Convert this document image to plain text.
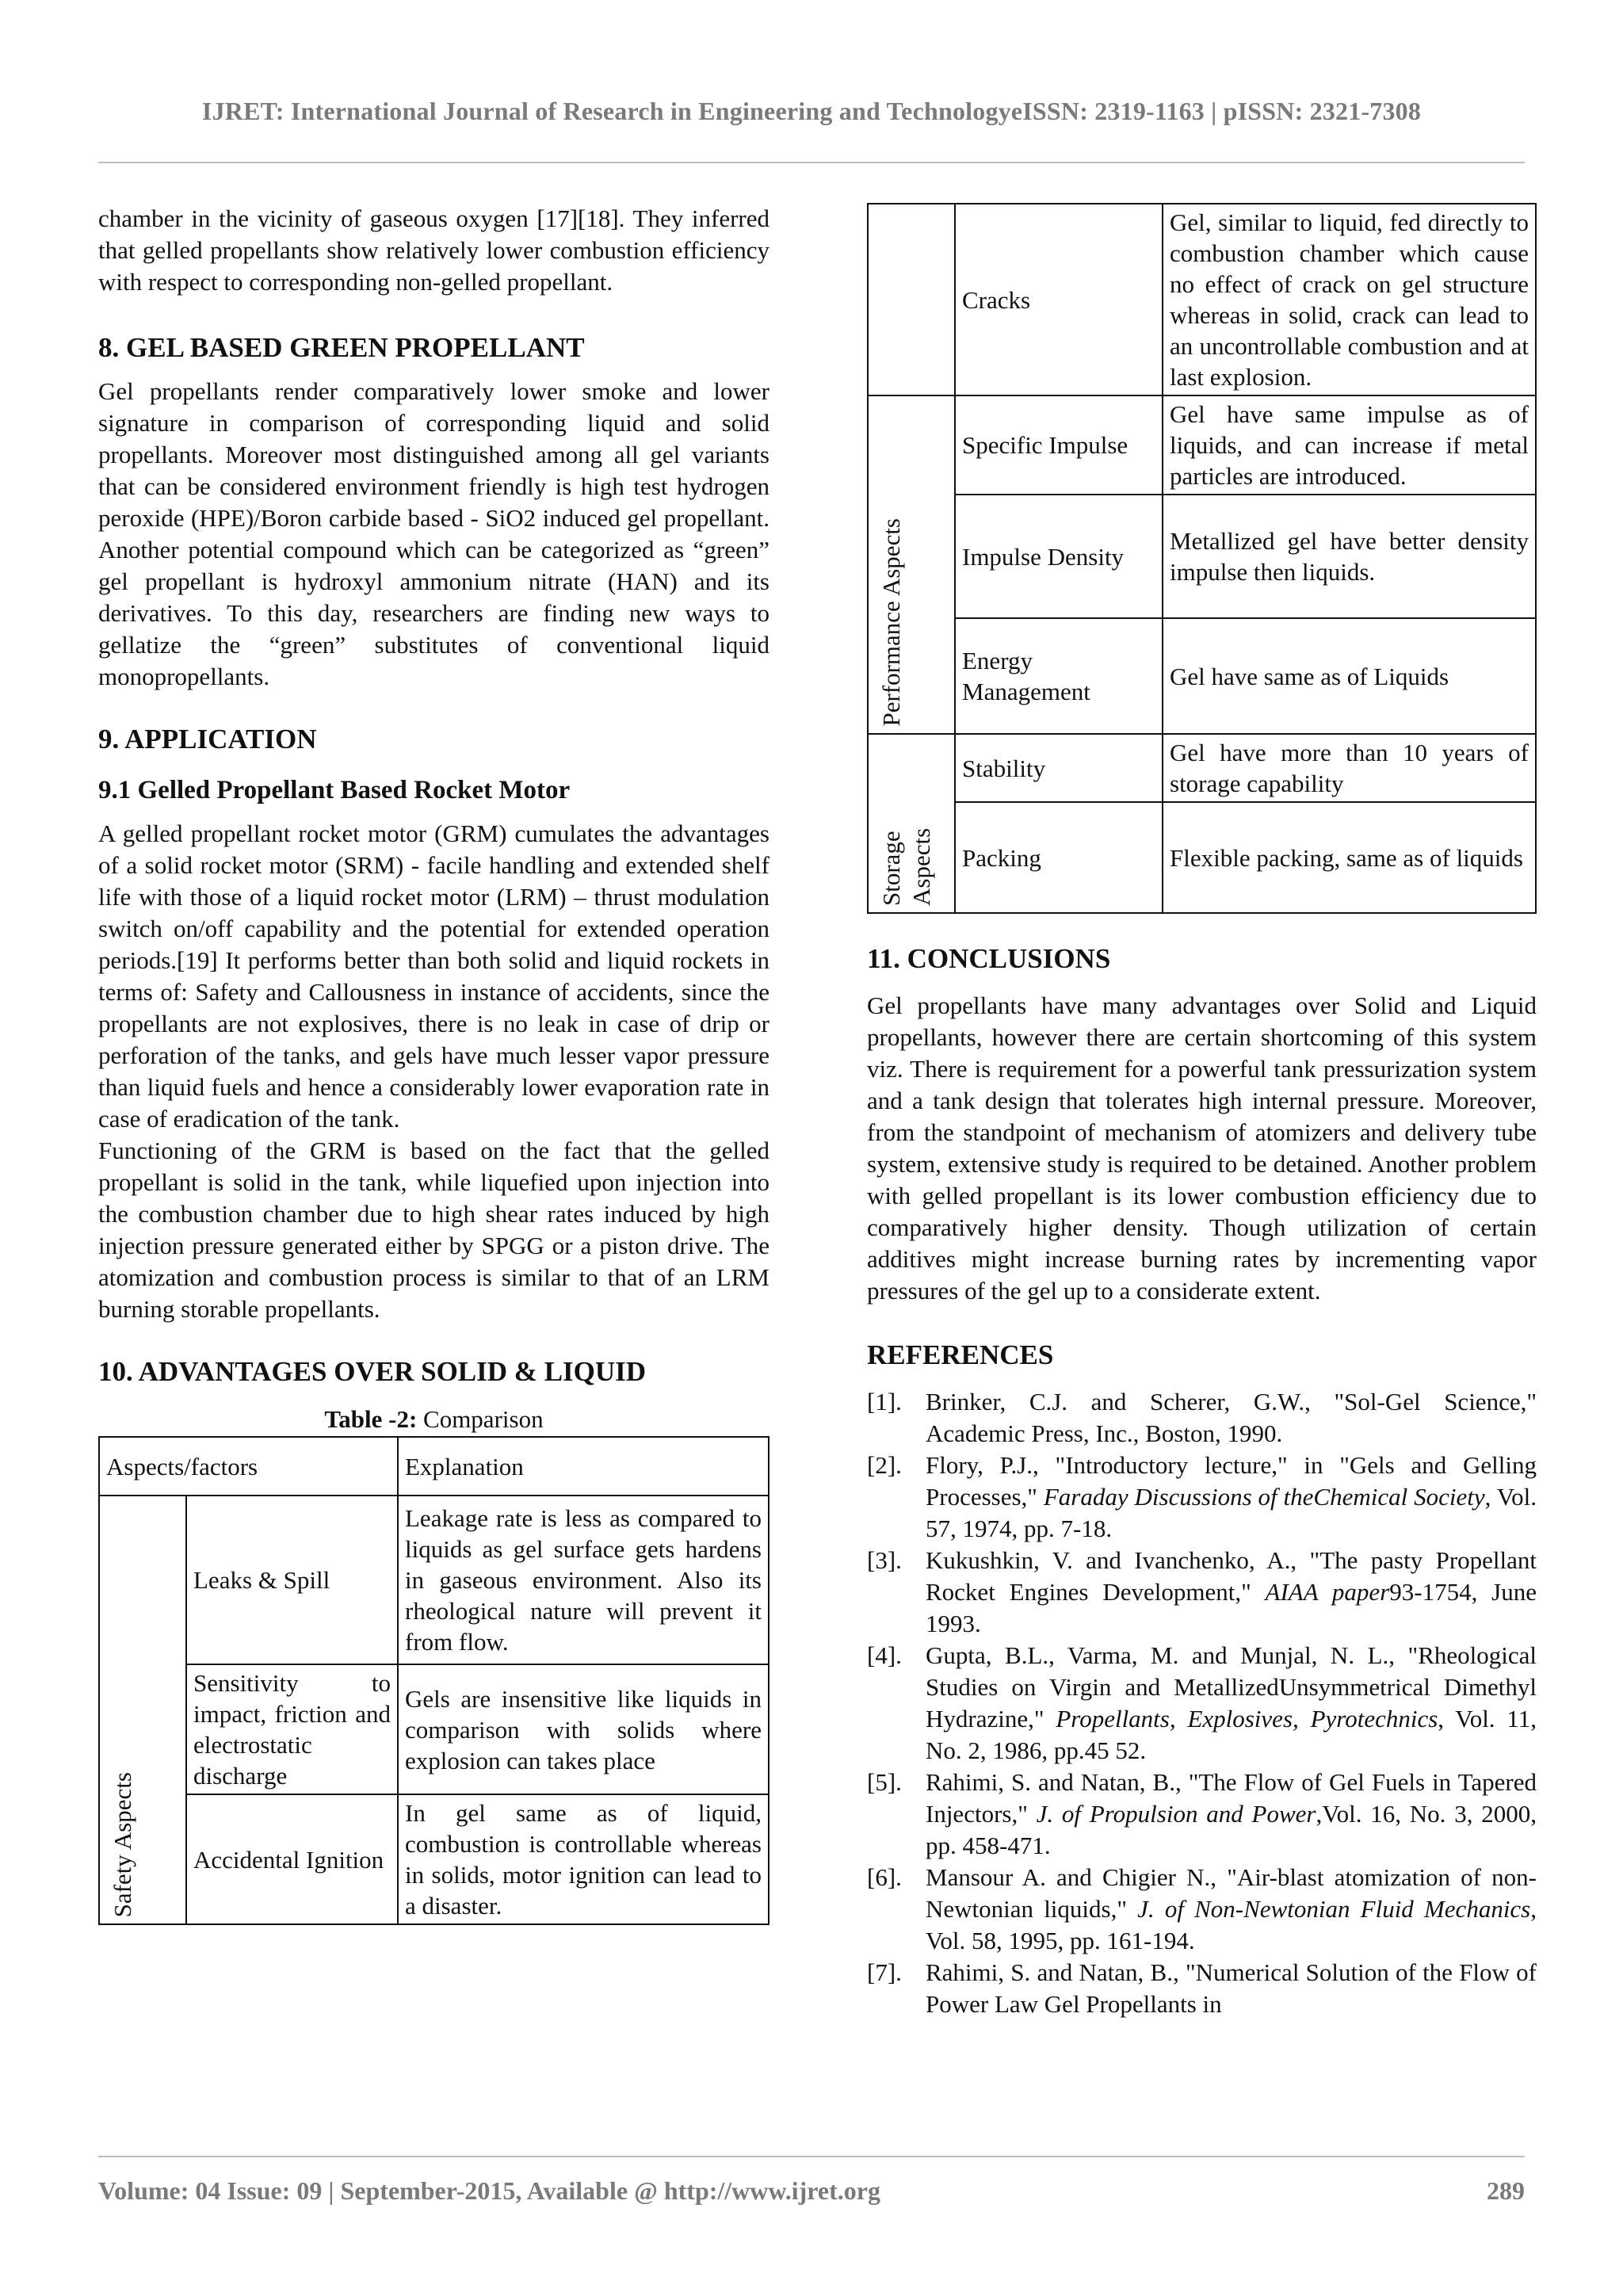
IJRET: International Journal of Research in Engineering and TechnologyeISSN: 2319-1163 | pISSN: 2321-7308

chamber in the vicinity of gaseous oxygen [17][18]. They inferred that gelled propellants show relatively lower combustion efficiency with respect to corresponding non-gelled propellant.

8. GEL BASED GREEN PROPELLANT

Gel propellants render comparatively lower smoke and lower signature in comparison of corresponding liquid and solid propellants. Moreover most distinguished among all gel variants that can be considered environment friendly is high test hydrogen peroxide (HPE)/Boron carbide based - SiO2 induced gel propellant. Another potential compound which can be categorized as “green” gel propellant is hydroxyl ammonium nitrate (HAN) and its derivatives. To this day, researchers are finding new ways to gellatize the “green” substitutes of conventional liquid monopropellants.

9. APPLICATION
9.1 Gelled Propellant Based Rocket Motor

A gelled propellant rocket motor (GRM) cumulates the advantages of a solid rocket motor (SRM) - facile handling and extended shelf life with those of a liquid rocket motor (LRM) – thrust modulation switch on/off capability and the potential for extended operation periods.[19] It performs better than both solid and liquid rockets in terms of: Safety and Callousness in instance of accidents, since the propellants are not explosives, there is no leak in case of drip or perforation of the tanks, and gels have much lesser vapor pressure than liquid fuels and hence a considerably lower evaporation rate in case of eradication of the tank.

Functioning of the GRM is based on the fact that the gelled propellant is solid in the tank, while liquefied upon injection into the combustion chamber due to high shear rates induced by high injection pressure generated either by SPGG or a piston drive. The atomization and combustion process is similar to that of an LRM burning storable propellants.

10. ADVANTAGES OVER SOLID & LIQUID
Table -2: Comparison
Aspects/factors		Explanation

Safety Aspects	Leaks & Spill	Leakage rate is less as compared to liquids as gel surface gets hardens in gaseous environment. Also its rheological nature will prevent it from flow.
	Sensitivity to impact, friction and electrostatic discharge	Gels are insensitive like liquids in comparison with solids where explosion can takes place
	Accidental Ignition	In gel same as of liquid, combustion is controllable whereas in solids, motor ignition can lead to a disaster.
	Cracks	Gel, similar to liquid, fed directly to combustion chamber which cause no effect of crack on gel structure whereas in solid, crack can lead to an uncontrollable combustion and at last explosion.

Performance Aspects	Specific Impulse	Gel have same impulse as of liquids, and can increase if metal particles are introduced.
	Impulse Density	Metallized gel have better density impulse then liquids.
	Energy Management	Gel have same as of Liquids

Storage Aspects	Stability	Gel have more than 10 years of storage capability
	Packing	Flexible packing, same as of liquids
11. CONCLUSIONS

Gel propellants have many advantages over Solid and Liquid propellants, however there are certain shortcoming of this system viz. There is requirement for a powerful tank pressurization system and a tank design that tolerates high internal pressure. Moreover, from the standpoint of mechanism of atomizers and delivery tube system, extensive study is required to be detained. Another problem with gelled propellant is its lower combustion efficiency due to comparatively higher density. Though utilization of certain additives might increase burning rates by incrementing vapor pressures of the gel up to a considerate extent.

REFERENCES
[1]. Brinker, C.J. and Scherer, G.W., "Sol-Gel Science," Academic Press, Inc., Boston, 1990.
[2]. Flory, P.J., "Introductory lecture," in "Gels and Gelling Processes," Faraday Discussions of theChemical Society, Vol. 57, 1974, pp. 7-18.
[3]. Kukushkin, V. and Ivanchenko, A., "The pasty Propellant Rocket Engines Development," AIAA paper93-1754, June 1993.
[4]. Gupta, B.L., Varma, M. and Munjal, N. L., "Rheological Studies on Virgin and MetallizedUnsymmetrical Dimethyl Hydrazine," Propellants, Explosives, Pyrotechnics, Vol. 11, No. 2, 1986, pp.45 52.
[5]. Rahimi, S. and Natan, B., "The Flow of Gel Fuels in Tapered Injectors," J. of Propulsion and Power,Vol. 16, No. 3, 2000, pp. 458-471.
[6]. Mansour A. and Chigier N., "Air-blast atomization of non-Newtonian liquids," J. of Non-Newtonian Fluid Mechanics, Vol. 58, 1995, pp. 161-194.
[7]. Rahimi, S. and Natan, B., "Numerical Solution of the Flow of Power Law Gel Propellants in
Volume: 04 Issue: 09 | September-2015, Available @ http://www.ijret.org	289
